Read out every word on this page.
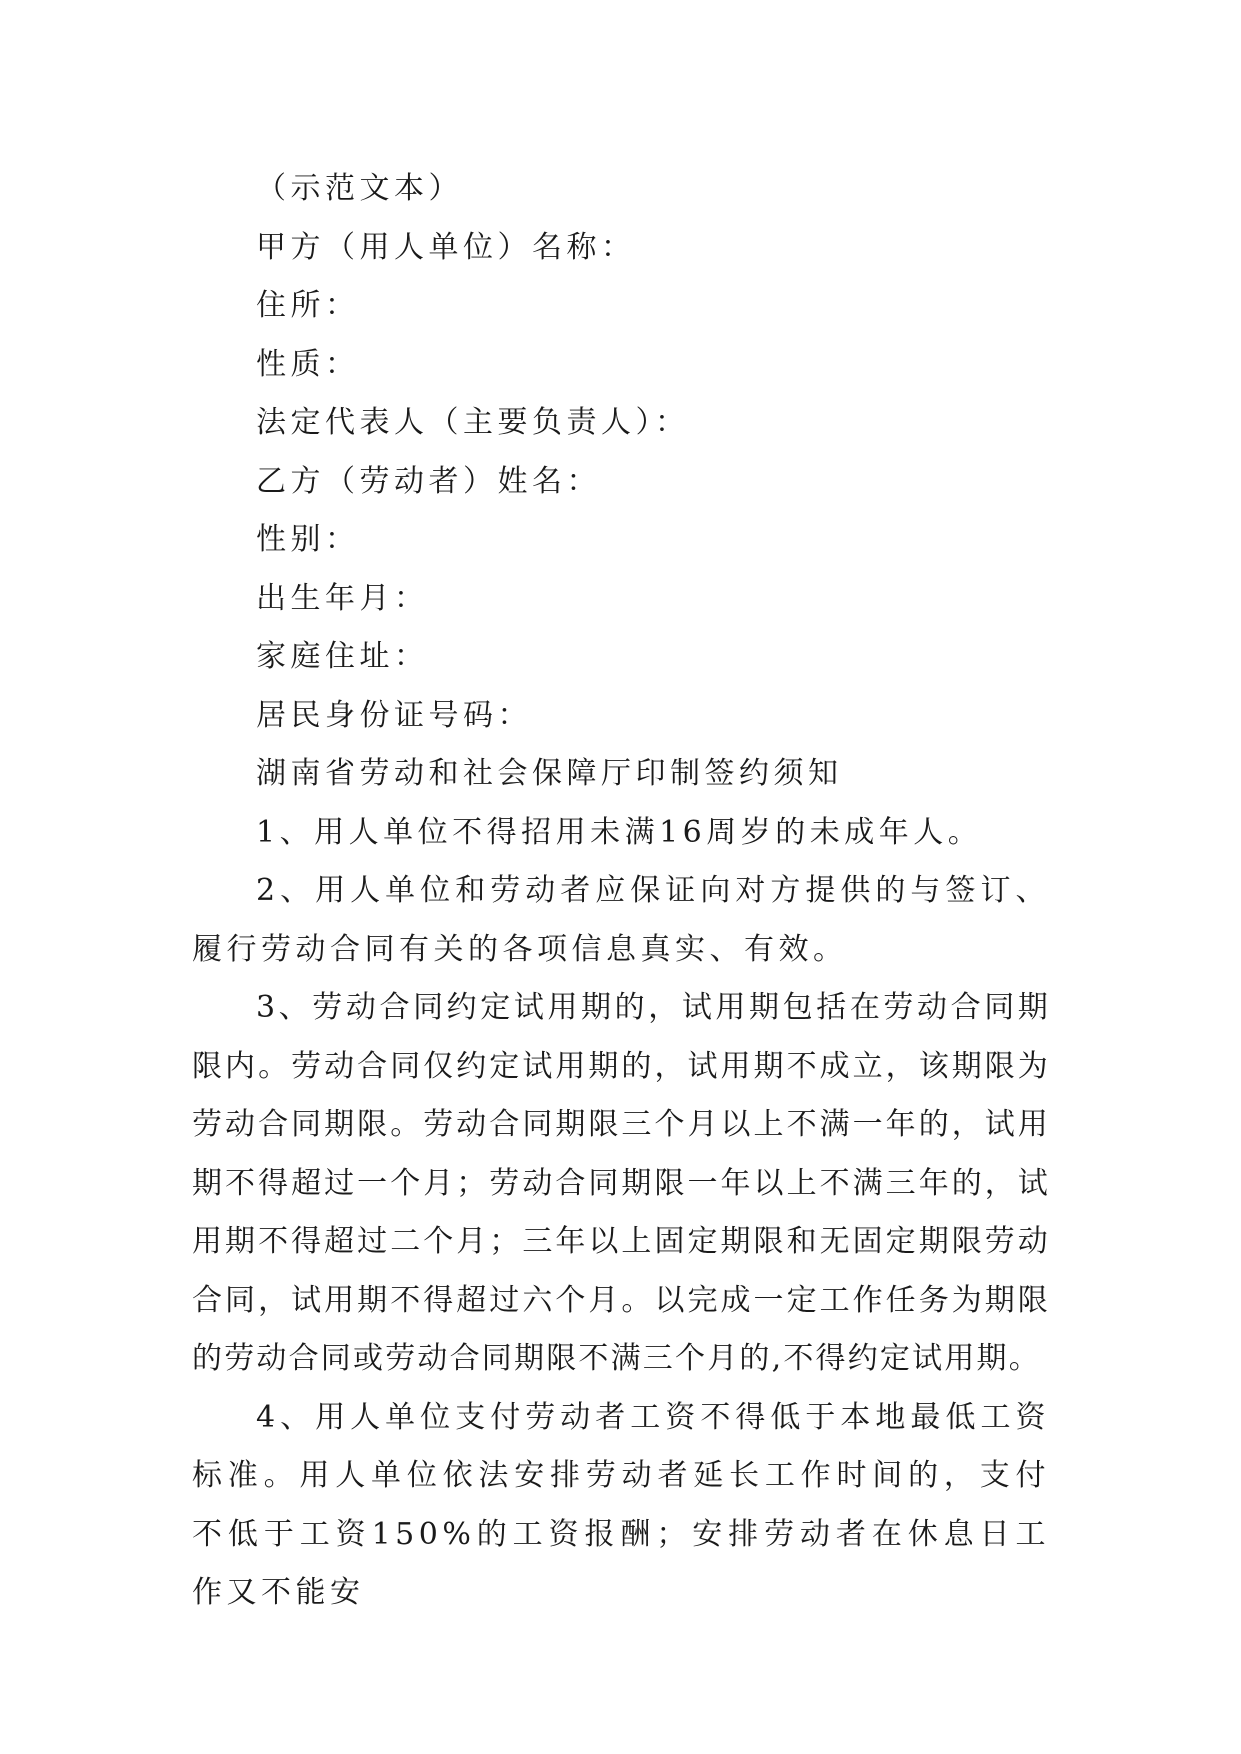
（示范文本）
甲方（用人单位）名称：
住所：
性质：
法定代表人（主要负责人）：
乙方（劳动者）姓名：
性别：
出生年月：
家庭住址：
居民身份证号码：
湖南省劳动和社会保障厅印制签约须知

1、用人单位不得招用未满16周岁的未成年人。

2、用人单位和劳动者应保证向对方提供的与签订、履行劳动合同有关的各项信息真实、有效。

3、劳动合同约定试用期的，试用期包括在劳动合同期限内。劳动合同仅约定试用期的，试用期不成立，该期限为劳动合同期限。劳动合同期限三个月以上不满一年的，试用期不得超过一个月；劳动合同期限一年以上不满三年的，试用期不得超过二个月；三年以上固定期限和无固定期限劳动合同，试用期不得超过六个月。以完成一定工作任务为期限的劳动合同或劳动合同期限不满三个月的,不得约定试用期。

4、用人单位支付劳动者工资不得低于本地最低工资标准。用人单位依法安排劳动者延长工作时间的，支付不低于工资150%的工资报酬；安排劳动者在休息日工作又不能安
